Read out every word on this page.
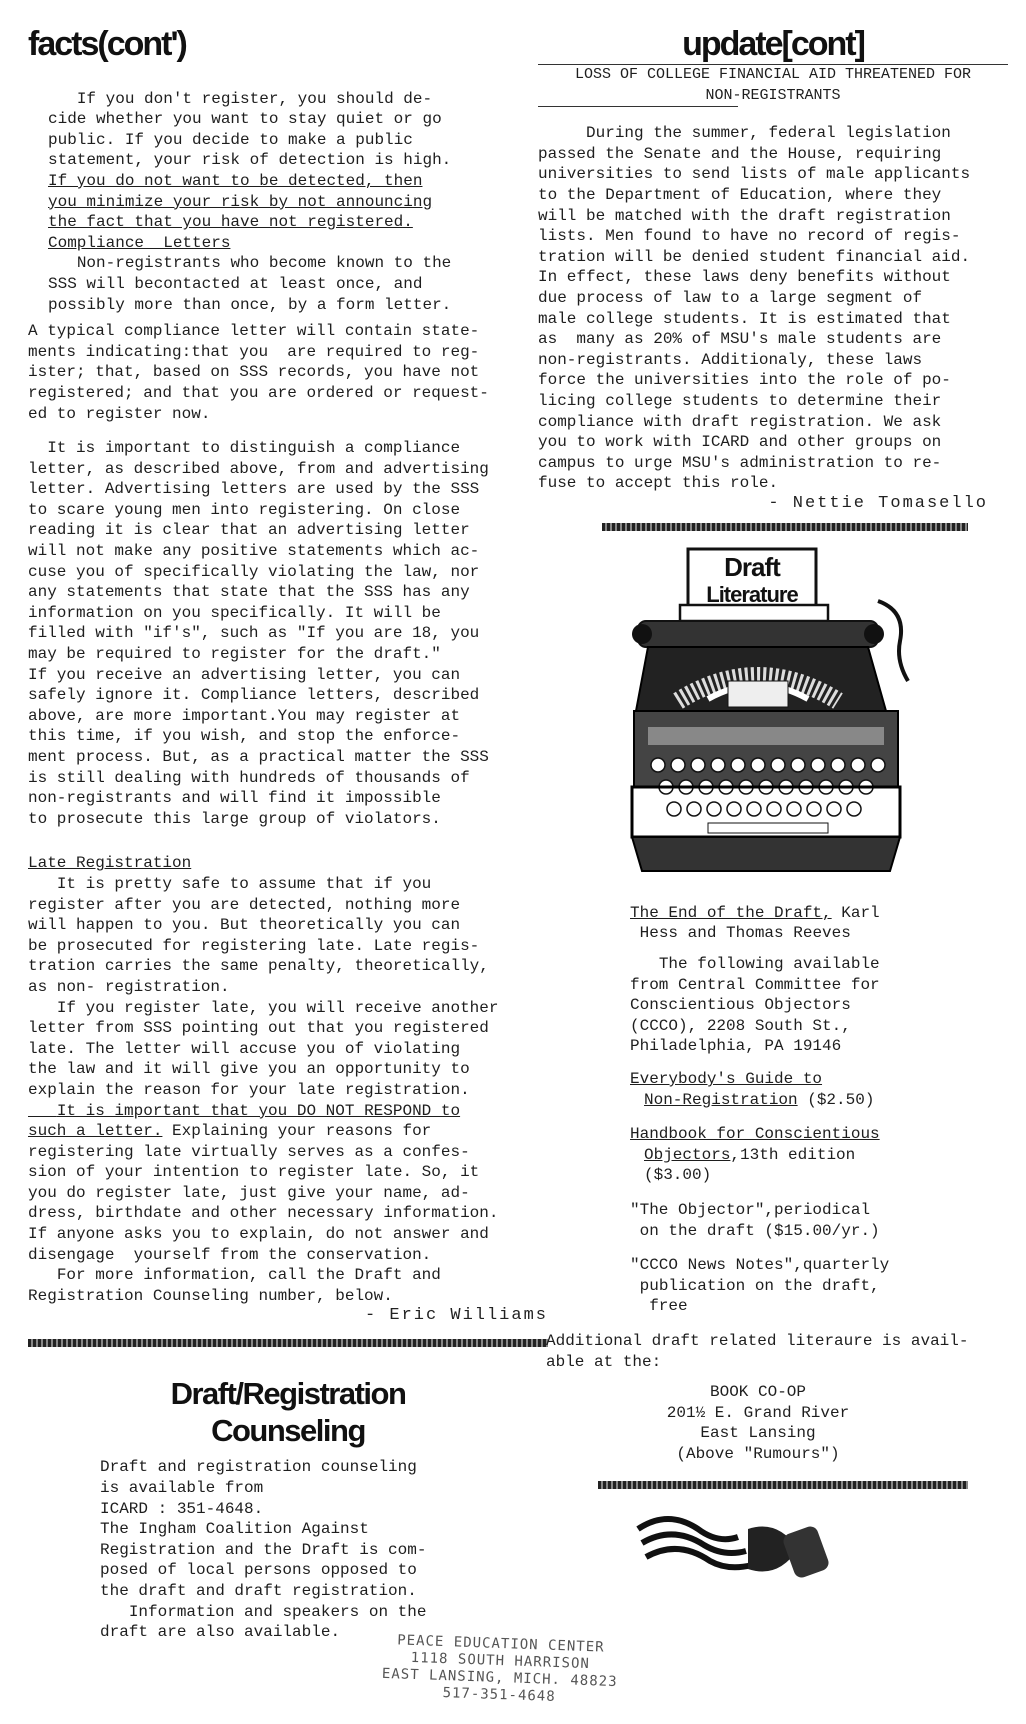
facts(cont')

If you don't register, you should de-
cide whether you want to stay quiet or go
public. If you decide to make a public
statement, your risk of detection is high.

If you do not want to be detected, then
you minimize your risk by not announcing
the fact that you have not registered.

Compliance  Letters

Non-registrants who become known to the
SSS will becontacted at least once, and
possibly more than once, by a form letter.

A typical compliance letter will contain state-
ments indicating:that you  are required to reg-
ister; that, based on SSS records, you have not
registered; and that you are ordered or request-
ed to register now.

It is important to distinguish a compliance
letter, as described above, from and advertising
letter. Advertising letters are used by the SSS
to scare young men into registering. On close
reading it is clear that an advertising letter
will not make any positive statements which ac-
cuse you of specifically violating the law, nor
any statements that state that the SSS has any
information on you specifically. It will be
filled with "if's", such as "If you are 18, you
may be required to register for the draft."
If you receive an advertising letter, you can
safely ignore it. Compliance letters, described
above, are more important.You may register at
this time, if you wish, and stop the enforce-
ment process. But, as a practical matter the SSS
is still dealing with hundreds of thousands of
non-registrants and will find it impossible
to prosecute this large group of violators.

Late Registration

It is pretty safe to assume that if you
register after you are detected, nothing more
will happen to you. But theoretically you can
be prosecuted for registering late. Late regis-
tration carries the same penalty, theoretically,
as non- registration.

If you register late, you will receive another
letter from SSS pointing out that you registered
late. The letter will accuse you of violating
the law and it will give you an opportunity to
explain the reason for your late registration.

It is important that you DO NOT RESPOND to
such a letter. Explaining your reasons for
registering late virtually serves as a confes-
sion of your intention to register late. So, it
you do register late, just give your name, ad-
dress, birthdate and other necessary information.
If anyone asks you to explain, do not answer and
disengage  yourself from the conservation.
For more information, call the Draft and
Registration Counseling number, below.

- Eric Williams

Draft/Registration

Counseling

Draft and registration counseling
is available from
ICARD : 351-4648.
The Ingham Coalition Against
Registration and the Draft is com-
posed of local persons opposed to
the draft and draft registration.
Information and speakers on the
draft are also available.

PEACE EDUCATION CENTER
1118 SOUTH HARRISON
EAST LANSING, MICH. 48823
517-351-4648
update[cont]

LOSS OF COLLEGE FINANCIAL AID THREATENED FOR

NON-REGISTRANTS

During the summer, federal legislation
passed the Senate and the House, requiring
universities to send lists of male applicants
to the Department of Education, where they
will be matched with the draft registration
lists. Men found to have no record of regis-
tration will be denied student financial aid.
In effect, these laws deny benefits without
due process of law to a large segment of
male college students. It is estimated that
as  many as 20% of MSU's male students are
non-registrants. Additionaly, these laws
force the universities into the role of po-
licing college students to determine their
compliance with draft registration. We ask
you to work with ICARD and other groups on
campus to urge MSU's administration to re-
fuse to accept this role.

- Nettie Tomasello

Draft
Literature

The End of the Draft, Karl
Hess and Thomas Reeves

The following available
from Central Committee for
Conscientious Objectors
(CCCO), 2208 South St.,
Philadelphia, PA 19146

Everybody's Guide to

Non-Registration ($2.50)

Handbook for Conscientious

Objectors,13th edition

($3.00)

"The Objector",periodical
on the draft ($15.00/yr.)

"CCCO News Notes",quarterly
publication on the draft,
free

Additional draft related literaure is avail-
able at the:

BOOK CO-OP
201½ E. Grand River
East Lansing
(Above "Rumours")
